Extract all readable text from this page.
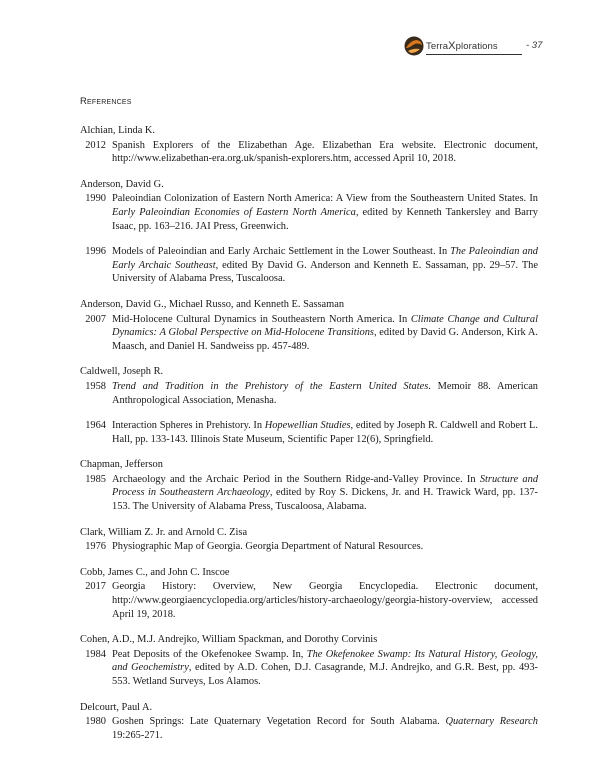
TerraXplorations	- 37
References
Alchian, Linda K.
2012 Spanish Explorers of the Elizabethan Age. Elizabethan Era website. Electronic document, http://www.elizabethan-era.org.uk/spanish-explorers.htm, accessed April 10, 2018.
Anderson, David G.
1990 Paleoindian Colonization of Eastern North America: A View from the Southeastern United States. In Early Paleoindian Economies of Eastern North America, edited by Kenneth Tankersley and Barry Isaac, pp. 163–216. JAI Press, Greenwich.
1996 Models of Paleoindian and Early Archaic Settlement in the Lower Southeast. In The Paleoindian and Early Archaic Southeast, edited By David G. Anderson and Kenneth E. Sassaman, pp. 29–57. The University of Alabama Press, Tuscaloosa.
Anderson, David G., Michael Russo, and Kenneth E. Sassaman
2007 Mid-Holocene Cultural Dynamics in Southeastern North America. In Climate Change and Cultural Dynamics: A Global Perspective on Mid-Holocene Transitions, edited by David G. Anderson, Kirk A. Maasch, and Daniel H. Sandweiss pp. 457-489.
Caldwell, Joseph R.
1958 Trend and Tradition in the Prehistory of the Eastern United States. Memoir 88. American Anthropological Association, Menasha.
1964 Interaction Spheres in Prehistory. In Hopewellian Studies, edited by Joseph R. Caldwell and Robert L. Hall, pp. 133-143. Illinois State Museum, Scientific Paper 12(6), Springfield.
Chapman, Jefferson
1985 Archaeology and the Archaic Period in the Southern Ridge-and-Valley Province. In Structure and Process in Southeastern Archaeology, edited by Roy S. Dickens, Jr. and H. Trawick Ward, pp. 137-153. The University of Alabama Press, Tuscaloosa, Alabama.
Clark, William Z. Jr. and Arnold C. Zisa
1976 Physiographic Map of Georgia. Georgia Department of Natural Resources.
Cobb, James C., and John C. Inscoe
2017 Georgia History: Overview, New Georgia Encyclopedia. Electronic document, http://www.georgiaencyclopedia.org/articles/history-archaeology/georgia-history-overview, accessed April 19, 2018.
Cohen, A.D., M.J. Andrejko, William Spackman, and Dorothy Corvinis
1984 Peat Deposits of the Okefenokee Swamp. In, The Okefenokee Swamp: Its Natural History, Geology, and Geochemistry, edited by A.D. Cohen, D.J. Casagrande, M.J. Andrejko, and G.R. Best, pp. 493-553. Wetland Surveys, Los Alamos.
Delcourt, Paul A.
1980 Goshen Springs: Late Quaternary Vegetation Record for South Alabama. Quaternary Research 19:265-271.
